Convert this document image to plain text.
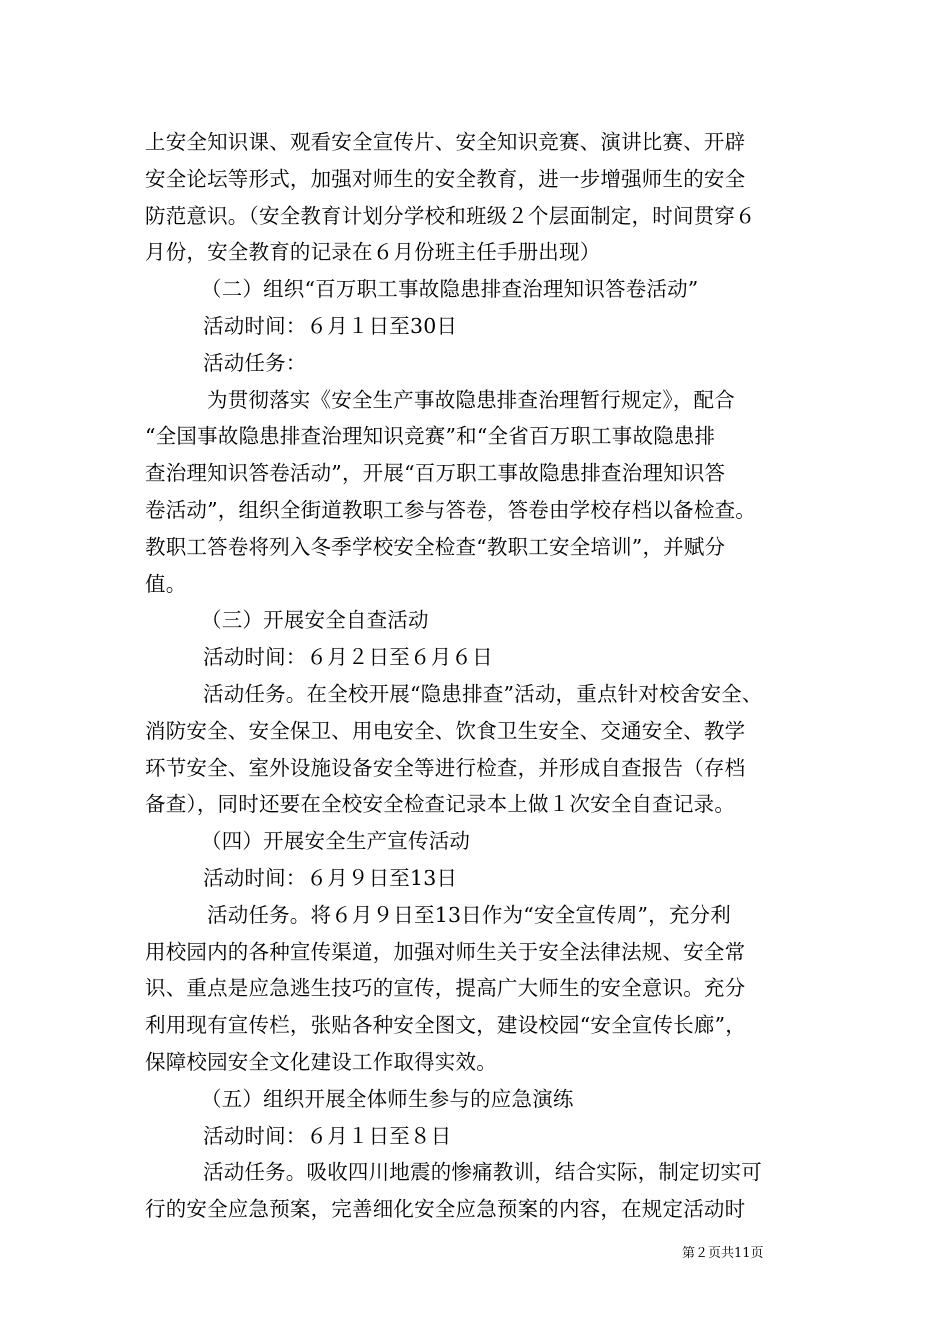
上安全知识课、观看安全宣传片、安全知识竞赛、演讲比赛、开辟
安全论坛等形式，加强对师生的安全教育，进一步增强师生的安全
防范意识。（安全教育计划分学校和班级２个层面制定，时间贯穿６
月份，安全教育的记录在６月份班主任手册出现）
（二）组织“百万职工事故隐患排查治理知识答卷活动”
活动时间：６月１日至30日
活动任务：
为贯彻落实《安全生产事故隐患排查治理暂行规定》，配合
“全国事故隐患排查治理知识竞赛”和“全省百万职工事故隐患排
查治理知识答卷活动”，开展“百万职工事故隐患排查治理知识答
卷活动”，组织全街道教职工参与答卷，答卷由学校存档以备检查。
教职工答卷将列入冬季学校安全检查“教职工安全培训”，并赋分
值。
（三）开展安全自查活动
活动时间：６月２日至６月６日
活动任务。在全校开展“隐患排查”活动，重点针对校舍安全、
消防安全、安全保卫、用电安全、饮食卫生安全、交通安全、教学
环节安全、室外设施设备安全等进行检查，并形成自查报告（存档
备查），同时还要在全校安全检查记录本上做１次安全自查记录。
（四）开展安全生产宣传活动
活动时间：６月９日至13日
活动任务。将６月９日至13日作为“安全宣传周”，充分利
用校园内的各种宣传渠道，加强对师生关于安全法律法规、安全常
识、重点是应急逃生技巧的宣传，提高广大师生的安全意识。充分
利用现有宣传栏，张贴各种安全图文，建设校园“安全宣传长廊”，
保障校园安全文化建设工作取得实效。
（五）组织开展全体师生参与的应急演练
活动时间：６月１日至８日
活动任务。吸收四川地震的惨痛教训，结合实际，制定切实可
行的安全应急预案，完善细化安全应急预案的内容，在规定活动时
第２页共11页
